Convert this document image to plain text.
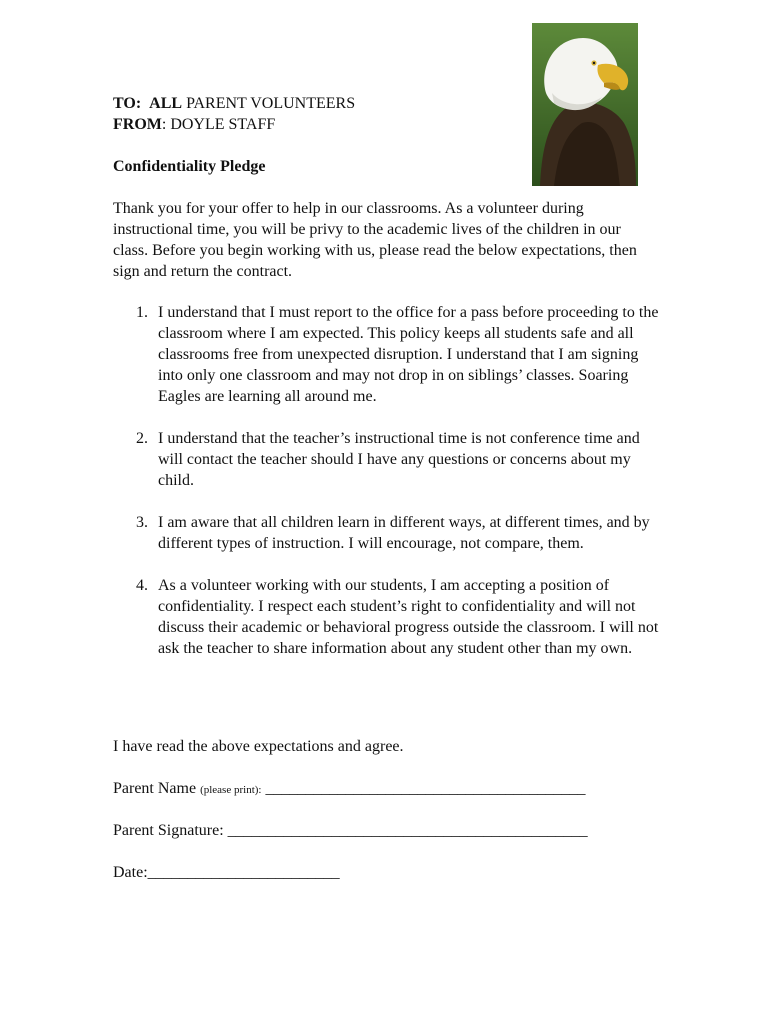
TO: ALL PARENT VOLUNTEERS
FROM: DOYLE STAFF
Confidentiality Pledge
Thank you for your offer to help in our classrooms. As a volunteer during instructional time, you will be privy to the academic lives of the children in our class. Before you begin working with us, please read the below expectations, then sign and return the contract.
1. I understand that I must report to the office for a pass before proceeding to the classroom where I am expected. This policy keeps all students safe and all classrooms free from unexpected disruption. I understand that I am signing into only one classroom and may not drop in on siblings’ classes. Soaring Eagles are learning all around me.
2. I understand that the teacher’s instructional time is not conference time and will contact the teacher should I have any questions or concerns about my child.
3. I am aware that all children learn in different ways, at different times, and by different types of instruction. I will encourage, not compare, them.
4. As a volunteer working with our students, I am accepting a position of confidentiality. I respect each student’s right to confidentiality and will not discuss their academic or behavioral progress outside the classroom. I will not ask the teacher to share information about any student other than my own.
I have read the above expectations and agree.
Parent Name (please print): ________________________________________
Parent Signature: _____________________________________________
Date:________________________
